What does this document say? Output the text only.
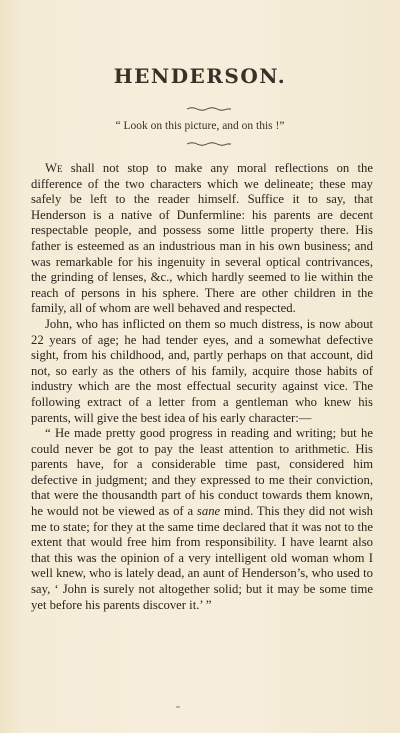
HENDERSON.
“ Look on this picture, and on this !”

We shall not stop to make any moral reflections on the difference of the two characters which we delineate; these may safely be left to the reader himself. Suffice it to say, that Henderson is a native of Dunfermline: his parents are decent respectable people, and possess some little property there. His father is esteemed as an industrious man in his own business; and was remarkable for his ingenuity in several optical contrivances, the grinding of lenses, &c., which hardly seemed to lie within the reach of persons in his sphere. There are other children in the family, all of whom are well behaved and respected.

John, who has inflicted on them so much distress, is now about 22 years of age; he had tender eyes, and a somewhat defective sight, from his childhood, and, partly perhaps on that account, did not, so early as the others of his family, acquire those habits of industry which are the most effectual security against vice. The following extract of a letter from a gentleman who knew his parents, will give the best idea of his early character:—

“ He made pretty good progress in reading and writing; but he could never be got to pay the least attention to arithmetic. His parents have, for a considerable time past, considered him defective in judgment; and they expressed to me their conviction, that were the thousandth part of his conduct towards them known, he would not be viewed as of a sane mind. This they did not wish me to state; for they at the same time declared that it was not to the extent that would free him from responsibility. I have learnt also that this was the opinion of a very intelligent old woman whom I well knew, who is lately dead, an aunt of Henderson’s, who used to say, ‘ John is surely not altogether solid; but it may be some time yet before his parents discover it.’ ”
